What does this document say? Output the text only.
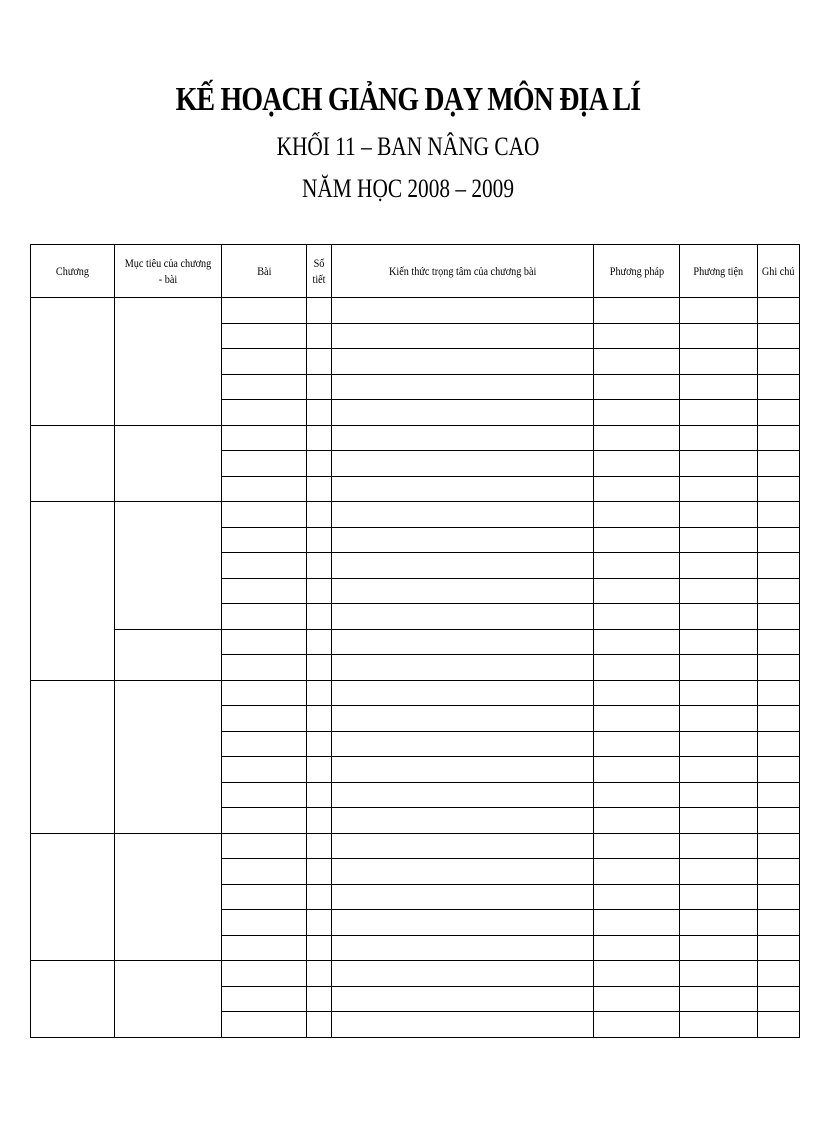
KẾ HOẠCH GIẢNG DẠY MÔN ĐỊA LÍ
KHỐI 11 – BAN NÂNG CAO
NĂM HỌC 2008 – 2009
Chương	Mục tiêu của chương - bài	Bài	Số tiết	Kiến thức trọng tâm của chương bài	Phương pháp	Phương tiện	Ghi chú
